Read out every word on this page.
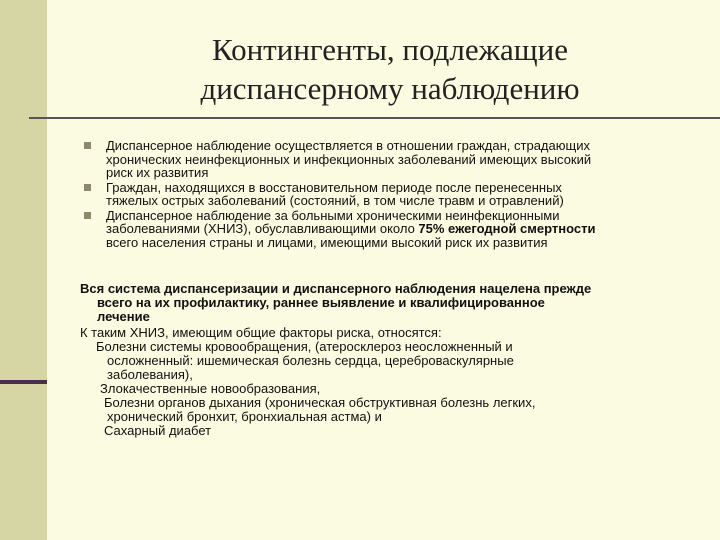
Контингенты, подлежащие
диспансерному наблюдению
Диспансерное наблюдение осуществляется в отношении граждан, страдающих
хронических неинфекционных и инфекционных заболеваний имеющих высокий
риск их развития
Граждан, находящихся в восстановительном периоде после перенесенных
тяжелых острых заболеваний (состояний, в том числе травм и отравлений)
Диспансерное наблюдение за больными хроническими неинфекционными
заболеваниями (ХНИЗ), обуславливающими около 75% ежегодной смертности
всего населения страны и лицами, имеющими высокий риск их развития
Вся система диспансеризации и диспансерного наблюдения нацелена прежде
всего на их профилактику, раннее выявление и квалифицированное
лечение
К таким ХНИЗ, имеющим общие факторы риска, относятся:
Болезни системы кровообращения, (атеросклероз неосложненный и
осложненный: ишемическая болезнь сердца, цереброваскулярные
заболевания),
Злокачественные новообразования,
Болезни органов дыхания (хроническая обструктивная болезнь легких,
хронический бронхит, бронхиальная астма) и
Сахарный диабет
